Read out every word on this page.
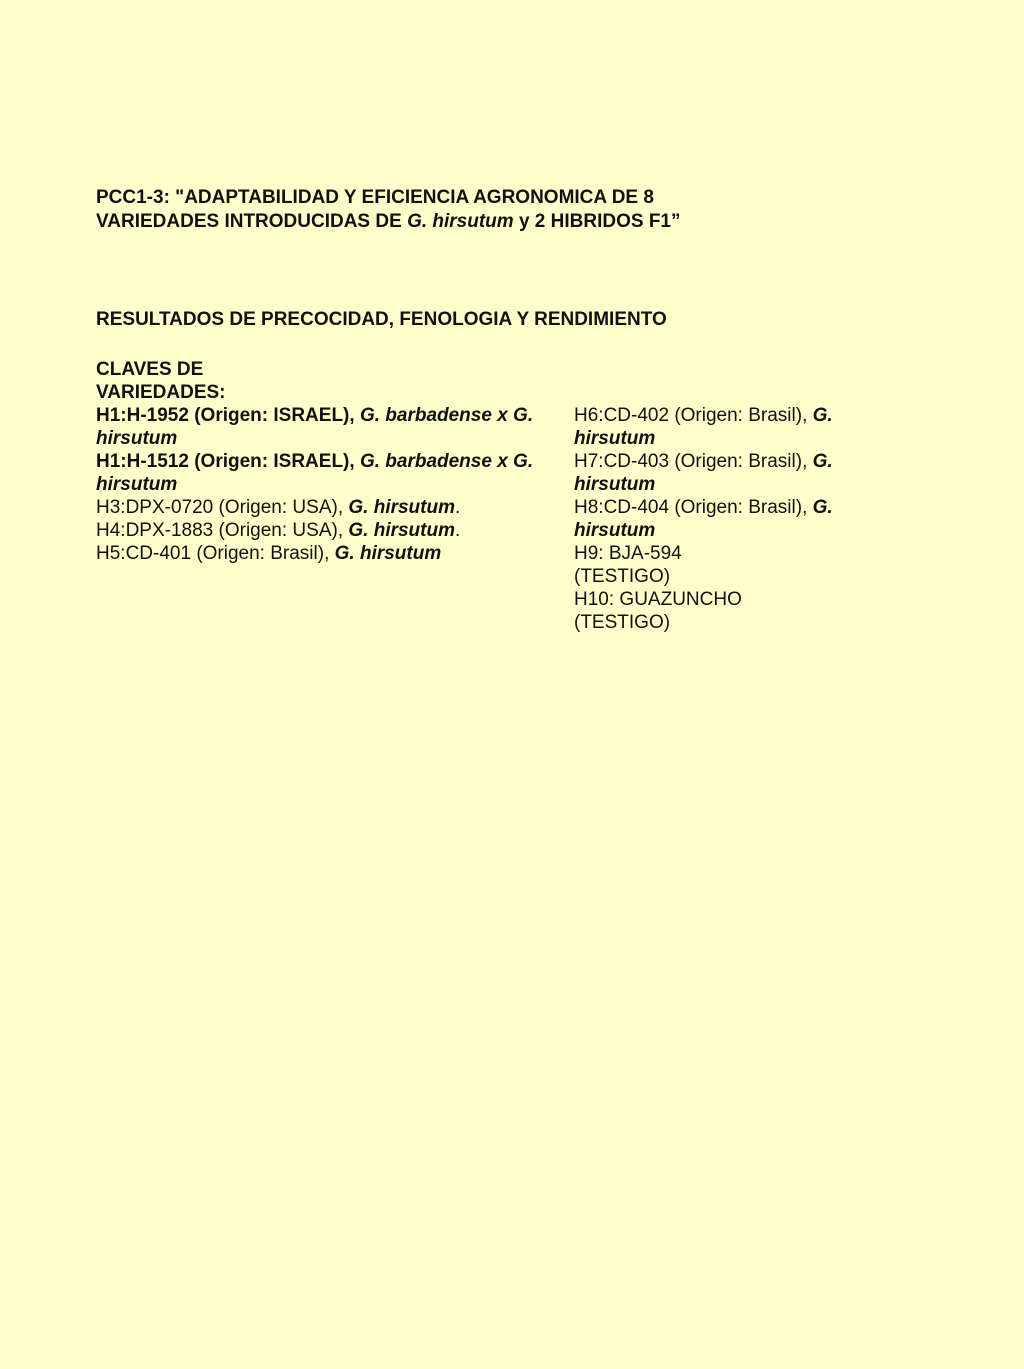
PCC1-3: "ADAPTABILIDAD Y EFICIENCIA AGRONOMICA DE 8 VARIEDADES INTRODUCIDAS DE G. hirsutum y 2 HIBRIDOS F1”

RESULTADOS DE PRECOCIDAD, FENOLOGIA Y RENDIMIENTO

CLAVES DE VARIEDADES:

H1:H-1952 (Origen: ISRAEL), G. barbadense x G. hirsutum
H1:H-1512 (Origen: ISRAEL), G. barbadense x G. hirsutum
H3:DPX-0720 (Origen: USA), G. hirsutum.
H4:DPX-1883 (Origen: USA), G. hirsutum.
H5:CD-401 (Origen: Brasil), G. hirsutum
H6:CD-402 (Origen: Brasil), G. hirsutum
H7:CD-403 (Origen: Brasil), G. hirsutum
H8:CD-404 (Origen: Brasil), G. hirsutum
H9: BJA-594 (TESTIGO)
H10: GUAZUNCHO (TESTIGO)
